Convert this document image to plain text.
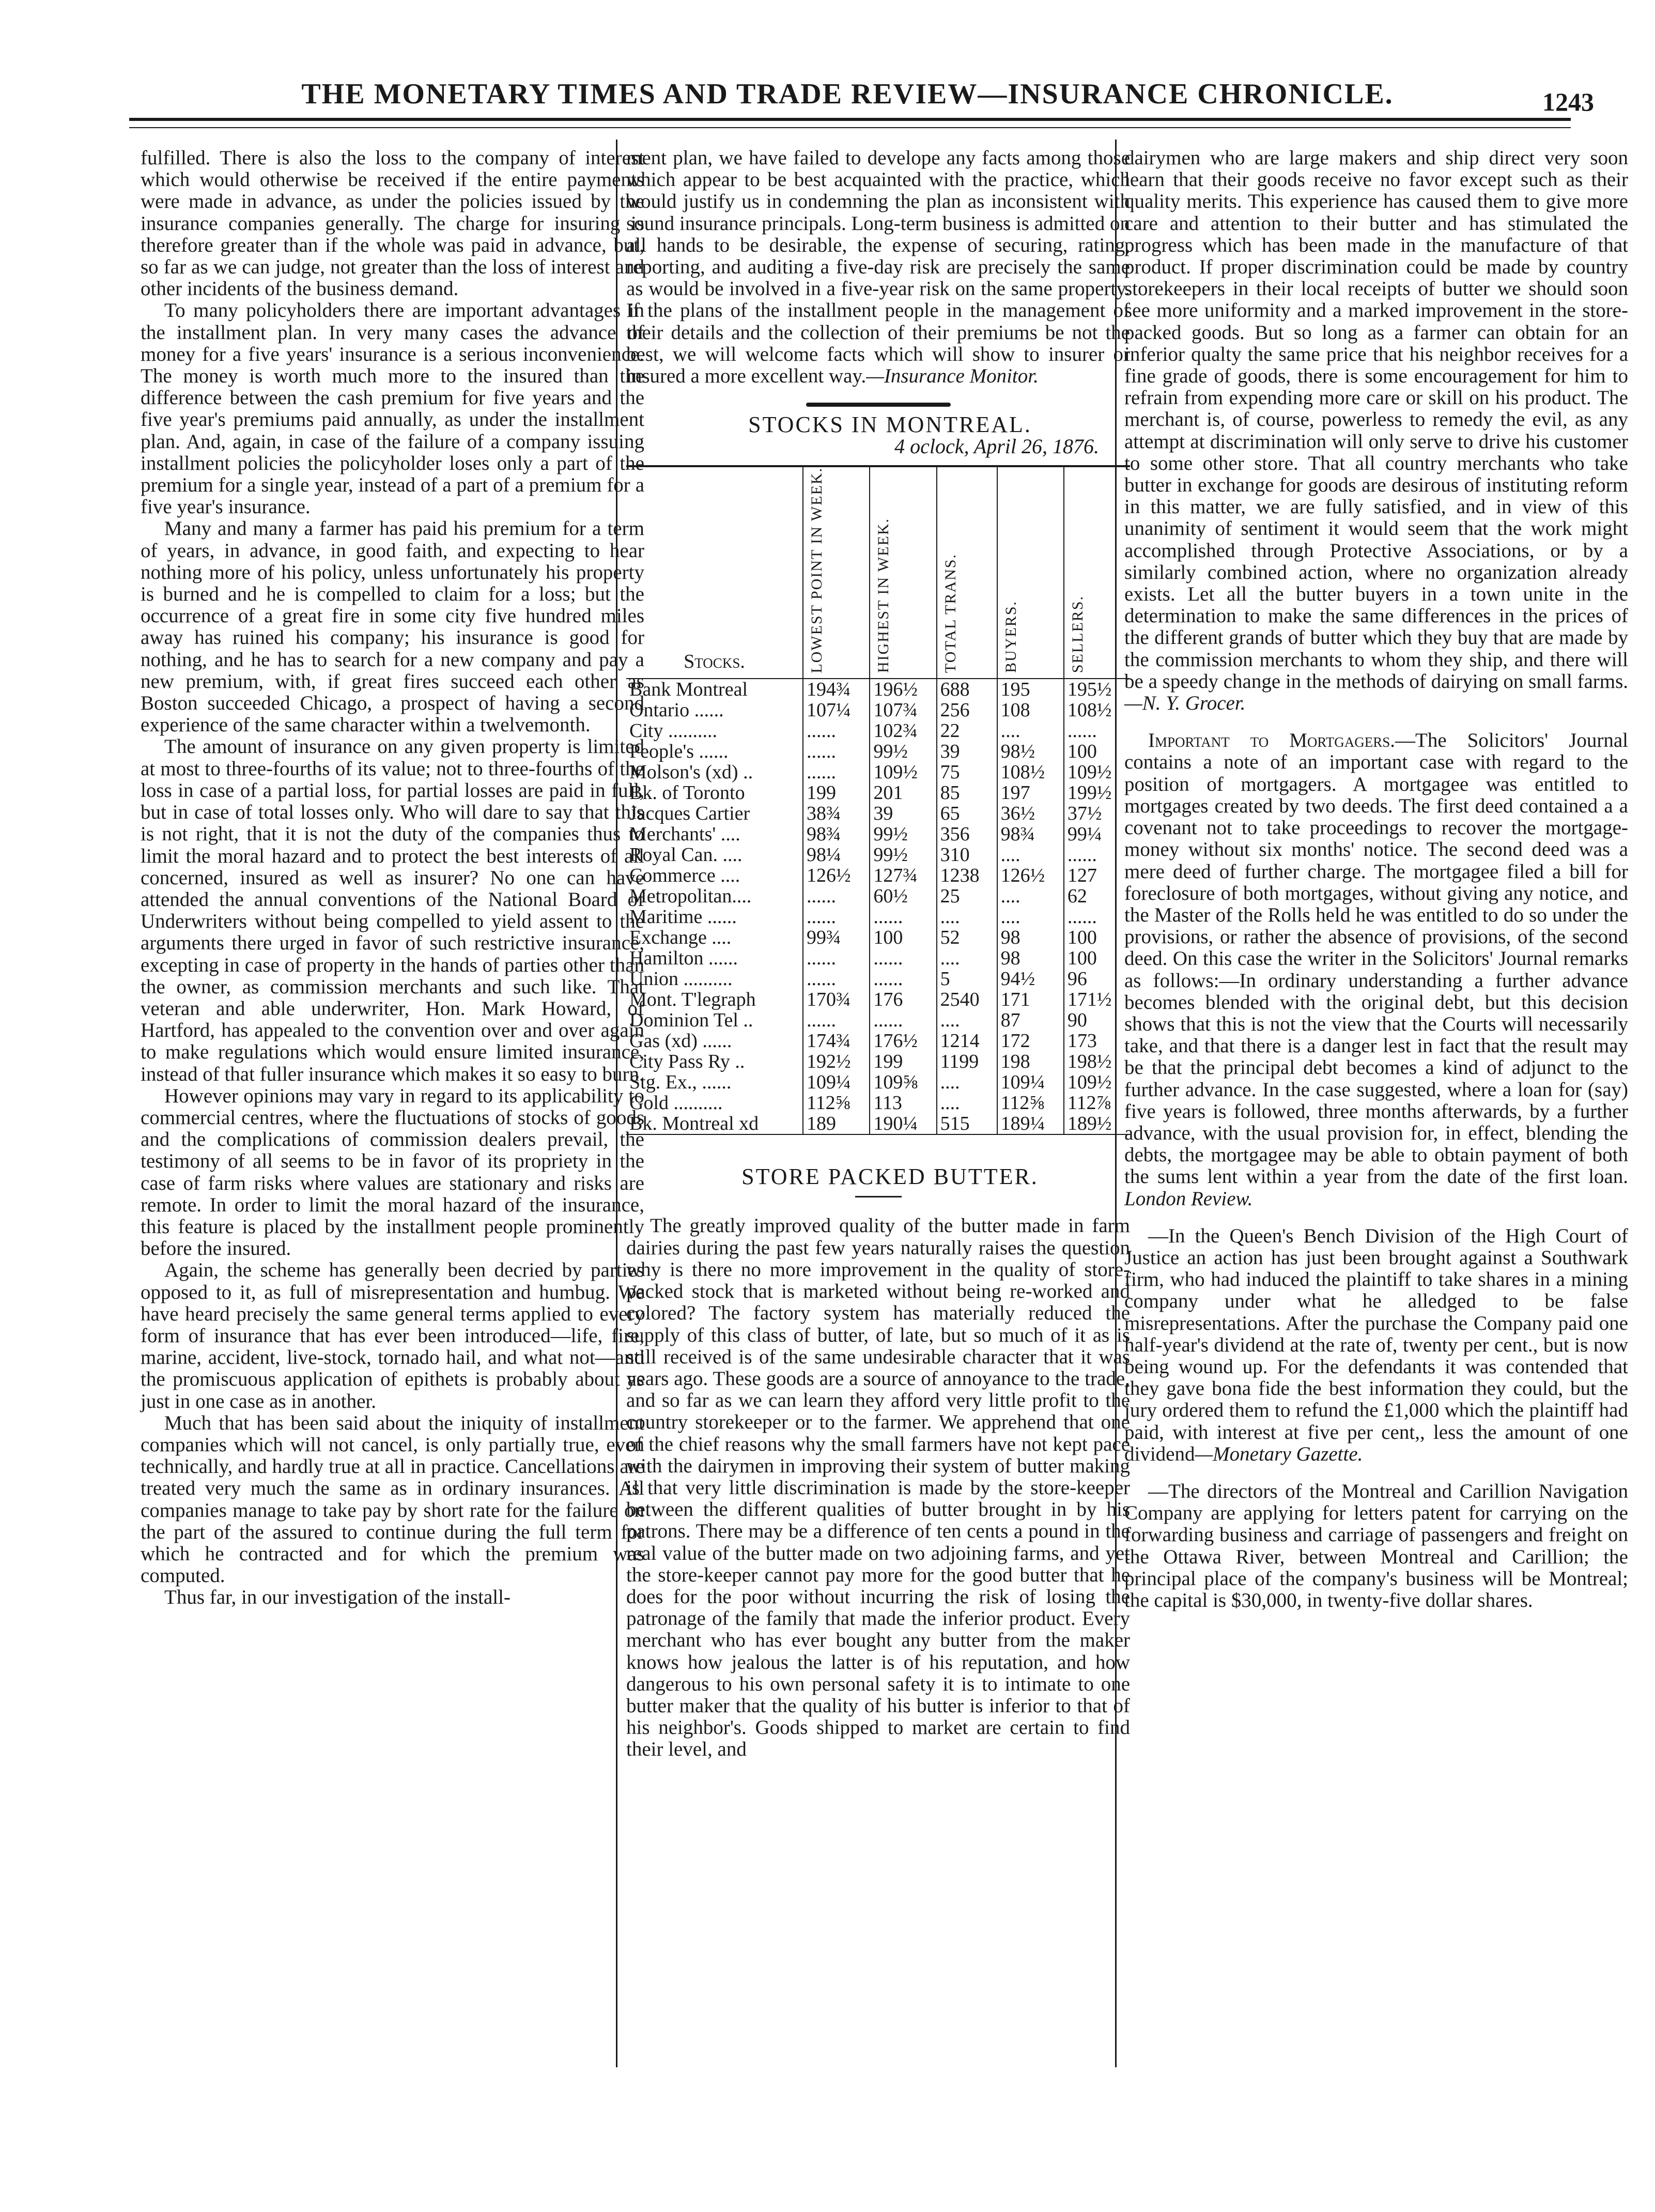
THE MONETARY TIMES AND TRADE REVIEW—INSURANCE CHRONICLE.	1243

fulfilled. There is also the loss to the company of interest which would otherwise be received if the entire payments were made in advance, as under the policies issued by the insurance companies generally. The charge for insuring is therefore greater than if the whole was paid in advance, but, so far as we can judge, not greater than the loss of interest and other incidents of the business demand.

To many policyholders there are important advantages in the installment plan. In very many cases the advance of money for a five years' insurance is a serious inconvenience. The money is worth much more to the insured than the difference between the cash premium for five years and the five year's premiums paid annually, as under the installment plan. And, again, in case of the failure of a company issuing installment policies the policyholder loses only a part of the premium for a single year, instead of a part of a premium for a five year's insurance.

Many and many a farmer has paid his premium for a term of years, in advance, in good faith, and expecting to hear nothing more of his policy, unless unfortunately his property is burned and he is compelled to claim for a loss; but the occurrence of a great fire in some city five hundred miles away has ruined his company; his insurance is good for nothing, and he has to search for a new company and pay a new premium, with, if great fires succeed each other as Boston succeeded Chicago, a prospect of having a second experience of the same character within a twelvemonth.

The amount of insurance on any given property is limited at most to three-fourths of its value; not to three-fourths of the loss in case of a partial loss, for partial losses are paid in full, but in case of total losses only. Who will dare to say that this is not right, that it is not the duty of the companies thus to limit the moral hazard and to protect the best interests of all concerned, insured as well as insurer? No one can have attended the annual conventions of the National Board of Underwriters without being compelled to yield assent to the arguments there urged in favor of such restrictive insurance, excepting in case of property in the hands of parties other than the owner, as commission merchants and such like. That veteran and able underwriter, Hon. Mark Howard, of Hartford, has appealed to the convention over and over again to make regulations which would ensure limited insurance, instead of that fuller insurance which makes it so easy to burn.

However opinions may vary in regard to its applicability to commercial centres, where the fluctuations of stocks of goods and the complications of commission dealers prevail, the testimony of all seems to be in favor of its propriety in the case of farm risks where values are stationary and risks are remote. In order to limit the moral hazard of the insurance, this feature is placed by the installment people prominently before the insured.

Again, the scheme has generally been decried by parties opposed to it, as full of misrepresentation and humbug. We have heard precisely the same general terms applied to every form of insurance that has ever been introduced—life, fire, marine, accident, live-stock, tornado hail, and what not—and the promiscuous application of epithets is probably about as just in one case as in another.

Much that has been said about the iniquity of installment companies which will not cancel, is only partially true, even technically, and hardly true at all in practice. Cancellations are treated very much the same as in ordinary insurances. All companies manage to take pay by short rate for the failure on the part of the assured to continue during the full term for which he contracted and for which the premium was computed.

Thus far, in our investigation of the install-

ment plan, we have failed to develope any facts among those which appear to be best acquainted with the practice, which would justify us in condemning the plan as inconsistent with sound insurance principals. Long-term business is admitted on all hands to be desirable, the expense of securing, rating, reporting, and auditing a five-day risk are precisely the same as would be involved in a five-year risk on the same property. If the plans of the installment people in the management of their details and the collection of their premiums be not the best, we will welcome facts which will show to insurer or insured a more excellent way.—Insurance Monitor.

STOCKS IN MONTREAL.

4 oclock, April 26, 1876.
Stocks.	LOWEST POINT IN WEEK.	HIGHEST IN WEEK.	TOTAL TRANS.	BUYERS.	SELLERS.
Bank Montreal	194¾	196½	688	195	195½
Ontario ......	107¼	107¾	256	108	108½
City ..........	......	102¾	22	....	......
People's ......	......	99½	39	98½	100
Molson's (xd) ..	......	109½	75	108½	109½
Bk. of Toronto	199	201	85	197	199½
Jacques Cartier	38¾	39	65	36½	37½
Merchants' ....	98¾	99½	356	98¾	99¼
Royal Can. ....	98¼	99½	310	....	......
Commerce ....	126½	127¾	1238	126½	127
Metropolitan....	......	60½	25	....	62
Maritime ......	......	......	....	....	......
Exchange ....	99¾	100	52	98	100
Hamilton ......	......	......	....	98	100
Union ..........	......	......	5	94½	96
Mont. T'legraph	170¾	176	2540	171	171½
Dominion Tel ..	......	......	....	87	90
Gas (xd) ......	174¾	176½	1214	172	173
City Pass Ry ..	192½	199	1199	198	198½
Stg. Ex., ......	109¼	109⅝	....	109¼	109½
Gold ..........	112⅝	113	....	112⅝	112⅞
Bk. Montreal xd	189	190¼	515	189¼	189½

STORE PACKED BUTTER.

The greatly improved quality of the butter made in farm dairies during the past few years naturally raises the question why is there no more improvement in the quality of store-packed stock that is marketed without being re-worked and colored? The factory system has materially reduced the supply of this class of butter, of late, but so much of it as is still received is of the same undesirable character that it was years ago. These goods are a source of annoyance to the trade, and so far as we can learn they afford very little profit to the country storekeeper or to the farmer. We apprehend that one of the chief reasons why the small farmers have not kept pace with the dairymen in improving their system of butter making is that very little discrimination is made by the store-keeper between the different qualities of butter brought in by his patrons. There may be a difference of ten cents a pound in the real value of the butter made on two adjoining farms, and yet the store-keeper cannot pay more for the good butter that he does for the poor without incurring the risk of losing the patronage of the family that made the inferior product. Every merchant who has ever bought any butter from the maker knows how jealous the latter is of his reputation, and how dangerous to his own personal safety it is to intimate to one butter maker that the quality of his butter is inferior to that of his neighbor's. Goods shipped to market are certain to find their level, and

dairymen who are large makers and ship direct very soon learn that their goods receive no favor except such as their quality merits. This experience has caused them to give more care and attention to their butter and has stimulated the progress which has been made in the manufacture of that product. If proper discrimination could be made by country storekeepers in their local receipts of butter we should soon see more uniformity and a marked improvement in the store-packed goods. But so long as a farmer can obtain for an inferior qualty the same price that his neighbor receives for a fine grade of goods, there is some encouragement for him to refrain from expending more care or skill on his product. The merchant is, of course, powerless to remedy the evil, as any attempt at discrimination will only serve to drive his customer to some other store. That all country merchants who take butter in exchange for goods are desirous of instituting reform in this matter, we are fully satisfied, and in view of this unanimity of sentiment it would seem that the work might accomplished through Protective Associations, or by a similarly combined action, where no organization already exists. Let all the butter buyers in a town unite in the determination to make the same differences in the prices of the different grands of butter which they buy that are made by the commission merchants to whom they ship, and there will be a speedy change in the methods of dairying on small farms.—N. Y. Grocer.

Important to Mortgagers.—The Solicitors' Journal contains a note of an important case with regard to the position of mortgagers. A mortgagee was entitled to mortgages created by two deeds. The first deed contained a a covenant not to take proceedings to recover the mortgage-money without six months' notice. The second deed was a mere deed of further charge. The mortgagee filed a bill for foreclosure of both mortgages, without giving any notice, and the Master of the Rolls held he was entitled to do so under the provisions, or rather the absence of provisions, of the second deed. On this case the writer in the Solicitors' Journal remarks as follows:—In ordinary understanding a further advance becomes blended with the original debt, but this decision shows that this is not the view that the Courts will necessarily take, and that there is a danger lest in fact that the result may be that the principal debt becomes a kind of adjunct to the further advance. In the case suggested, where a loan for (say) five years is followed, three months afterwards, by a further advance, with the usual provision for, in effect, blending the debts, the mortgagee may be able to obtain payment of both the sums lent within a year from the date of the first loan. London Review.

—In the Queen's Bench Division of the High Court of Justice an action has just been brought against a Southwark firm, who had induced the plaintiff to take shares in a mining company under what he alledged to be false misrepresentations. After the purchase the Company paid one half-year's dividend at the rate of, twenty per cent., but is now being wound up. For the defendants it was contended that they gave bona fide the best information they could, but the jury ordered them to refund the £1,000 which the plaintiff had paid, with interest at five per cent,, less the amount of one dividend—Monetary Gazette.

—The directors of the Montreal and Carillion Navigation Company are applying for letters patent for carrying on the forwarding business and carriage of passengers and freight on the Ottawa River, between Montreal and Carillion; the principal place of the company's business will be Montreal; the capital is $30,000, in twenty-five dollar shares.
